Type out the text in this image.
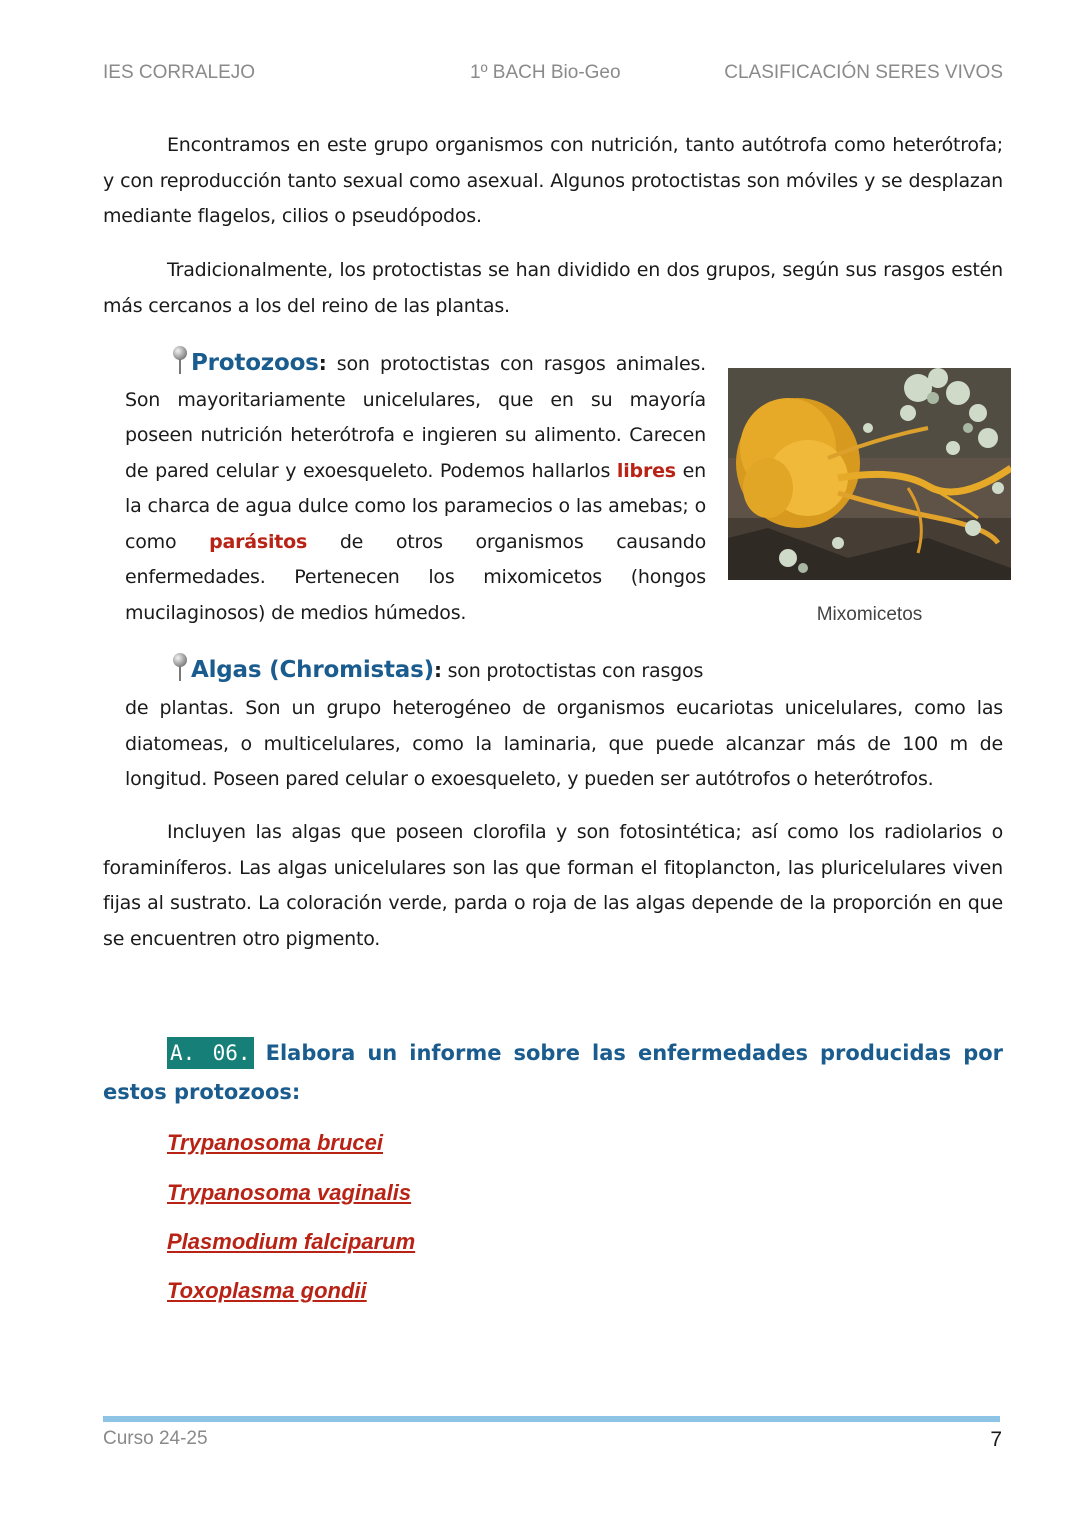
IES CORRALEJO	1º BACH Bio-Geo	CLASIFICACIÓN SERES VIVOS

Encontramos en este grupo organismos con nutrición, tanto autótrofa como heterótrofa; y con reproducción tanto sexual como asexual. Algunos protoctistas son móviles y se desplazan mediante flagelos, cilios o pseudópodos.

Tradicionalmente, los protoctistas se han dividido en dos grupos, según sus rasgos estén más cercanos a los del reino de las plantas.

Protozoos: son protoctistas con rasgos animales. Son mayoritariamente unicelulares, que en su mayoría poseen nutrición heterótrofa e ingieren su alimento. Carecen de pared celular y exoesqueleto. Podemos hallarlos libres en la charca de agua dulce como los paramecios o las amebas; o como parásitos de otros organismos causando enfermedades. Pertenecen los mixomicetos (hongos mucilaginosos) de medios húmedos.	Mixomicetos

Algas (Chromistas): son protoctistas con rasgos

de plantas. Son un grupo heterogéneo de organismos eucariotas unicelulares, como las diatomeas, o multicelulares, como la laminaria, que puede alcanzar más de 100 m de longitud. Poseen pared celular o exoesqueleto, y pueden ser autótrofos o heterótrofos.

Incluyen las algas que poseen clorofila y son fotosintética; así como los radiolarios o foraminíferos. Las algas unicelulares son las que forman el fitoplancton, las pluricelulares viven fijas al sustrato. La coloración verde, parda o roja de las algas depende de la proporción en que se encuentren otro pigmento.

A. 06. Elabora un informe sobre las enfermedades producidas por estos protozoos:

Trypanosoma brucei
Trypanosoma vaginalis
Plasmodium falciparum
Toxoplasma gondii
Curso 24-25	7
